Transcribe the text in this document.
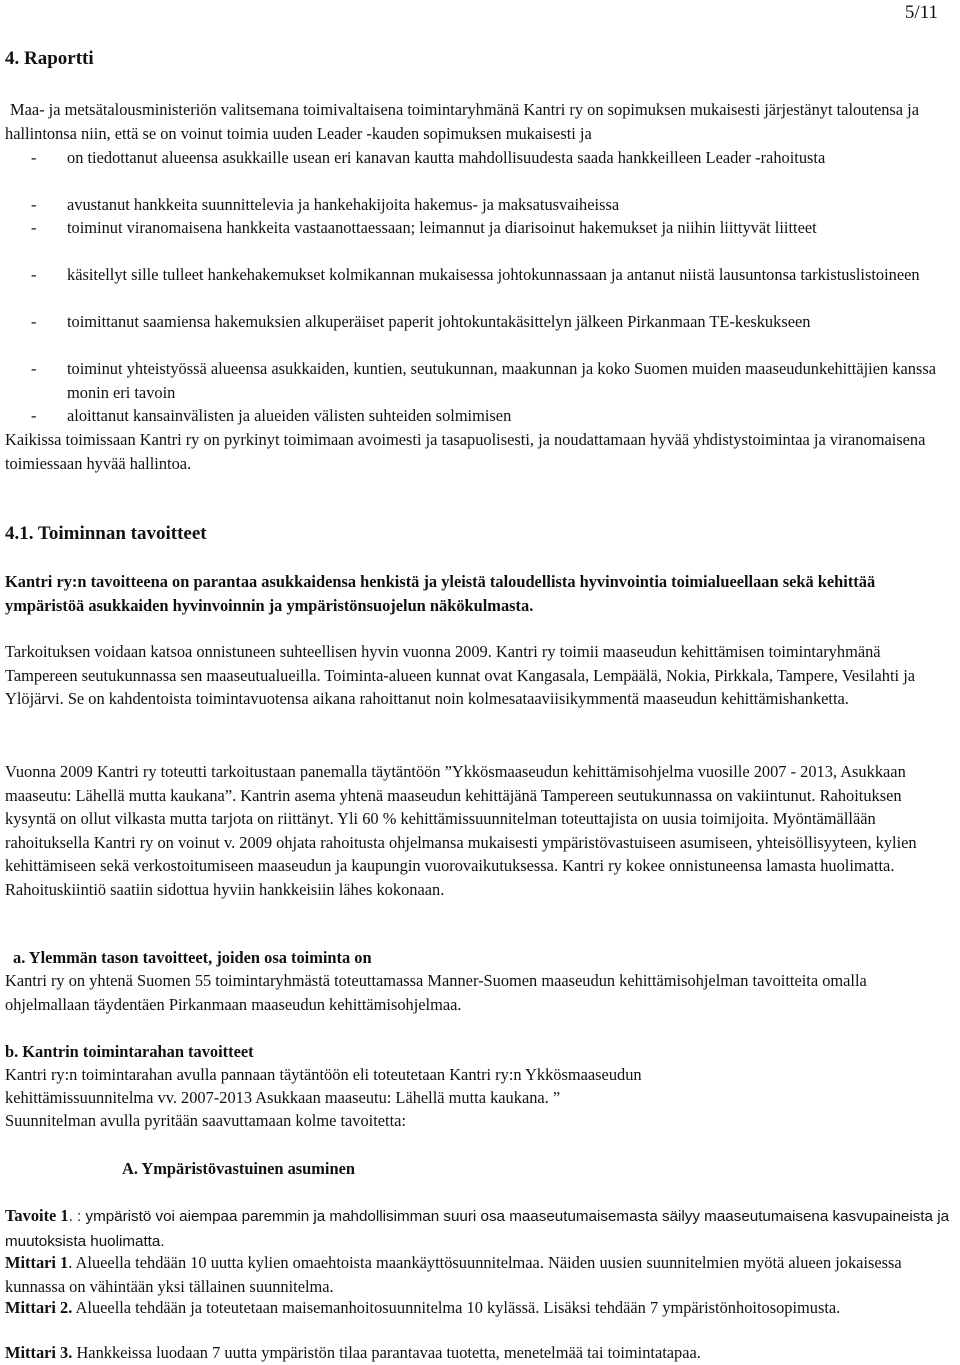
5/11
4. Raportti
Maa- ja metsätalousministeriön valitsemana toimivaltaisena toimintaryhmänä Kantri ry on sopimuksen mukaisesti järjestänyt taloutensa ja hallintonsa niin, että se on voinut toimia uuden Leader -kauden sopimuksen mukaisesti ja
- on tiedottanut alueensa asukkaille usean eri kanavan kautta mahdollisuudesta saada hankkeilleen Leader -rahoitusta
- avustanut hankkeita suunnittelevia ja hankehakijoita hakemus- ja maksatusvaiheissa
- toiminut viranomaisena hankkeita vastaanottaessaan; leimannut ja diarisoinut hakemukset ja niihin liittyvät liitteet
- käsitellyt sille tulleet hankehakemukset kolmikannan mukaisessa johtokunnassaan ja antanut niistä lausuntonsa tarkistuslistoineen
- toimittanut saamiensa hakemuksien alkuperäiset paperit johtokuntakäsittelyn jälkeen Pirkanmaan TE-keskukseen
- toiminut yhteistyössä alueensa asukkaiden, kuntien, seutukunnan, maakunnan ja koko Suomen muiden maaseudunkehittäjien kanssa monin eri tavoin
- aloittanut kansainvälisten ja alueiden välisten suhteiden solmimisen
Kaikissa toimissaan Kantri ry on pyrkinyt toimimaan avoimesti ja tasapuolisesti, ja noudattamaan hyvää yhdistystoimintaa ja viranomaisena toimiessaan hyvää hallintoa.
4.1. Toiminnan tavoitteet
Kantri ry:n tavoitteena on parantaa asukkaidensa henkistä ja yleistä taloudellista hyvinvointia toimialueellaan sekä kehittää ympäristöä asukkaiden hyvinvoinnin ja ympäristönsuojelun näkökulmasta.
Tarkoituksen voidaan katsoa onnistuneen suhteellisen hyvin vuonna 2009. Kantri ry toimii maaseudun kehittämisen toimintaryhmänä Tampereen seutukunnassa sen maaseutualueilla. Toiminta-alueen kunnat ovat Kangasala, Lempäälä, Nokia, Pirkkala, Tampere, Vesilahti ja Ylöjärvi. Se on kahdentoista toimintavuotensa aikana rahoittanut noin kolmesataaviisikymmentä maaseudun kehittämishanketta.
Vuonna 2009 Kantri ry toteutti tarkoitustaan panemalla täytäntöön ”Ykkösmaaseudun kehittämisohjelma vuosille 2007 - 2013, Asukkaan maaseutu: Lähellä mutta kaukana”. Kantrin asema yhtenä maaseudun kehittäjänä Tampereen seutukunnassa on vakiintunut. Rahoituksen kysyntä on ollut vilkasta mutta tarjota on riittänyt. Yli 60 % kehittämissuunnitelman toteuttajista on uusia toimijoita. Myöntämällään rahoituksella Kantri ry on voinut v. 2009 ohjata rahoitusta ohjelmansa mukaisesti ympäristövastuiseen asumiseen, yhteisöllisyyteen, kylien kehittämiseen sekä verkostoitumiseen maaseudun ja kaupungin vuorovaikutuksessa. Kantri ry kokee onnistuneensa lamasta huolimatta. Rahoituskiintiö saatiin sidottua hyviin hankkeisiin lähes kokonaan.
a. Ylemmän tason tavoitteet, joiden osa toiminta on
Kantri ry on yhtenä Suomen 55 toimintaryhmästä toteuttamassa Manner-Suomen maaseudun kehittämisohjelman tavoitteita omalla ohjelmallaan täydentäen Pirkanmaan maaseudun kehittämisohjelmaa.
b. Kantrin toimintarahan tavoitteet
Kantri ry:n toimintarahan avulla pannaan täytäntöön eli toteutetaan Kantri ry:n Ykkösmaaseudun
kehittämissuunnitelma vv. 2007-2013 Asukkaan maaseutu: Lähellä mutta kaukana. ”
Suunnitelman avulla pyritään saavuttamaan kolme tavoitetta:
A. Ympäristövastuinen asuminen
Tavoite 1. : ympäristö voi aiempaa paremmin ja mahdollisimman suuri osa maaseutumaisemasta säilyy maaseutumaisena kasvupaineista ja muutoksista huolimatta.
Mittari 1. Alueella tehdään 10 uutta kylien omaehtoista maankäyttösuunnitelmaa. Näiden uusien suunnitelmien myötä alueen jokaisessa kunnassa on vähintään yksi tällainen suunnitelma.
Mittari 2. Alueella tehdään ja toteutetaan maisemanhoitosuunnitelma 10 kylässä. Lisäksi tehdään 7 ympäristönhoitosopimusta.
Mittari 3. Hankkeissa luodaan 7 uutta ympäristön tilaa parantavaa tuotetta, menetelmää tai toimintatapaa.
